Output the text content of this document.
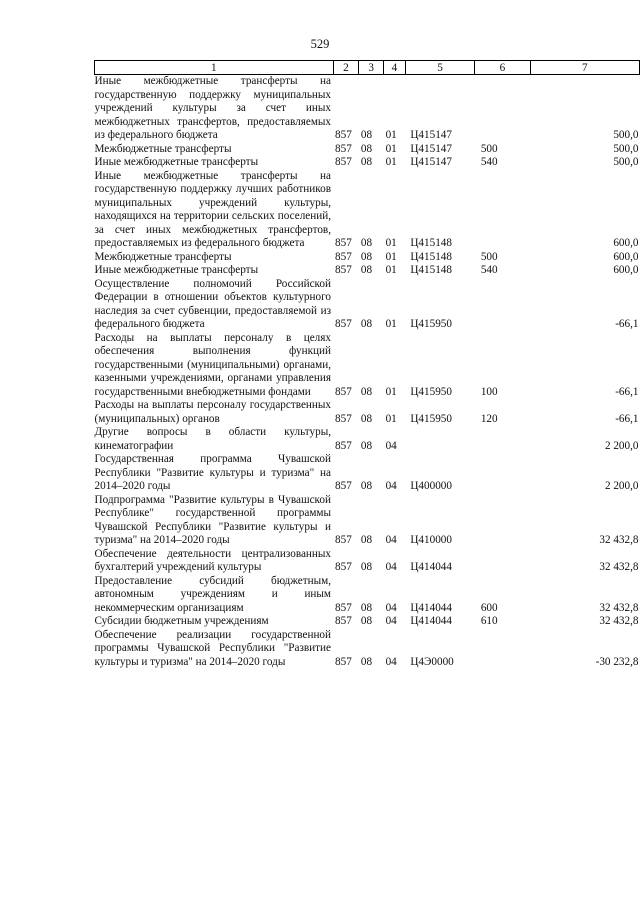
529
1	2	3	4	5	6	7
Иные межбюджетные трансферты на государственную поддержку муниципальных учреждений культуры за счет иных межбюджетных трансфертов, предоставляемых из федерального бюджета	857	08	01	Ц415147		500,0
Межбюджетные трансферты	857	08	01	Ц415147	500	500,0
Иные межбюджетные трансферты	857	08	01	Ц415147	540	500,0
Иные межбюджетные трансферты на государственную поддержку лучших работников муниципальных учреждений культуры, находящихся на территории сельских поселений, за счет иных межбюджетных трансфертов, предоставляемых из федерального бюджета	857	08	01	Ц415148		600,0
Межбюджетные трансферты	857	08	01	Ц415148	500	600,0
Иные межбюджетные трансферты	857	08	01	Ц415148	540	600,0
Осуществление полномочий Российской Федерации в отношении объектов культурного наследия за счет субвенции, предоставляемой из федерального бюджета	857	08	01	Ц415950		-66,1
Расходы на выплаты персоналу в целях обеспечения выполнения функций государственными (муниципальными) органами, казенными учреждениями, органами управления государственными внебюджетными фондами	857	08	01	Ц415950	100	-66,1
Расходы на выплаты персоналу государственных (муниципальных) органов	857	08	01	Ц415950	120	-66,1
Другие вопросы в области культуры, кинематографии	857	08	04			2 200,0
Государственная программа Чувашской Республики "Развитие культуры и туризма" на 2014–2020 годы	857	08	04	Ц400000		2 200,0
Подпрограмма "Развитие культуры в Чувашской Республике" государственной программы Чувашской Республики "Развитие культуры и туризма" на 2014–2020 годы	857	08	04	Ц410000		32 432,8
Обеспечение деятельности централизованных бухгалтерий учреждений культуры	857	08	04	Ц414044		32 432,8
Предоставление субсидий бюджетным, автономным учреждениям и иным некоммерческим организациям	857	08	04	Ц414044	600	32 432,8
Субсидии бюджетным учреждениям	857	08	04	Ц414044	610	32 432,8
Обеспечение реализации государственной программы Чувашской Республики "Развитие культуры и туризма" на 2014–2020 годы	857	08	04	Ц4Э0000		-30 232,8
